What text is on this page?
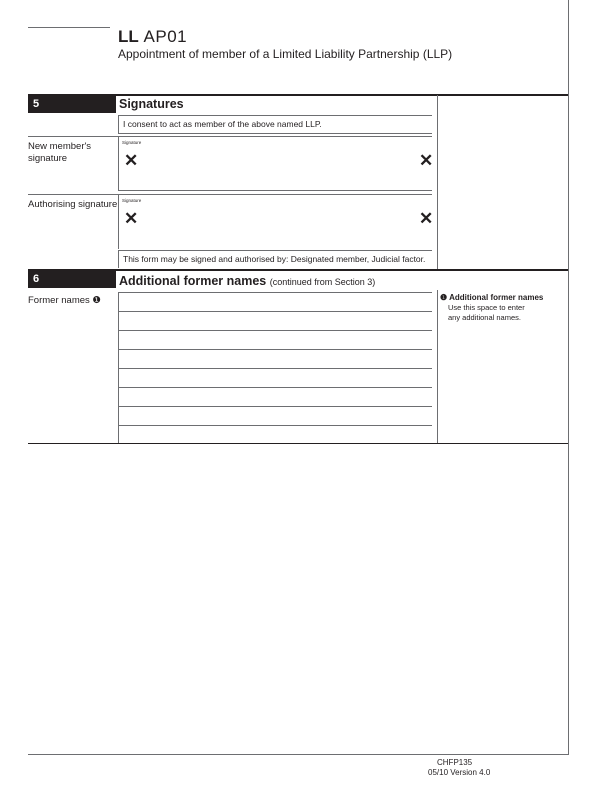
LL AP01
Appointment of member of a Limited Liability Partnership (LLP)
5	Signatures
I consent to act as member of the above named LLP.
New member's signature
Signature
✕	✕
Authorising signature Signature
✕	✕
This form may be signed and authorised by: Designated member, Judicial factor.
6	Additional former names (continued from Section 3)
Former names ❶	❶ Additional former names
Use this space to enter any additional names.
CHFP135
05/10 Version 4.0
